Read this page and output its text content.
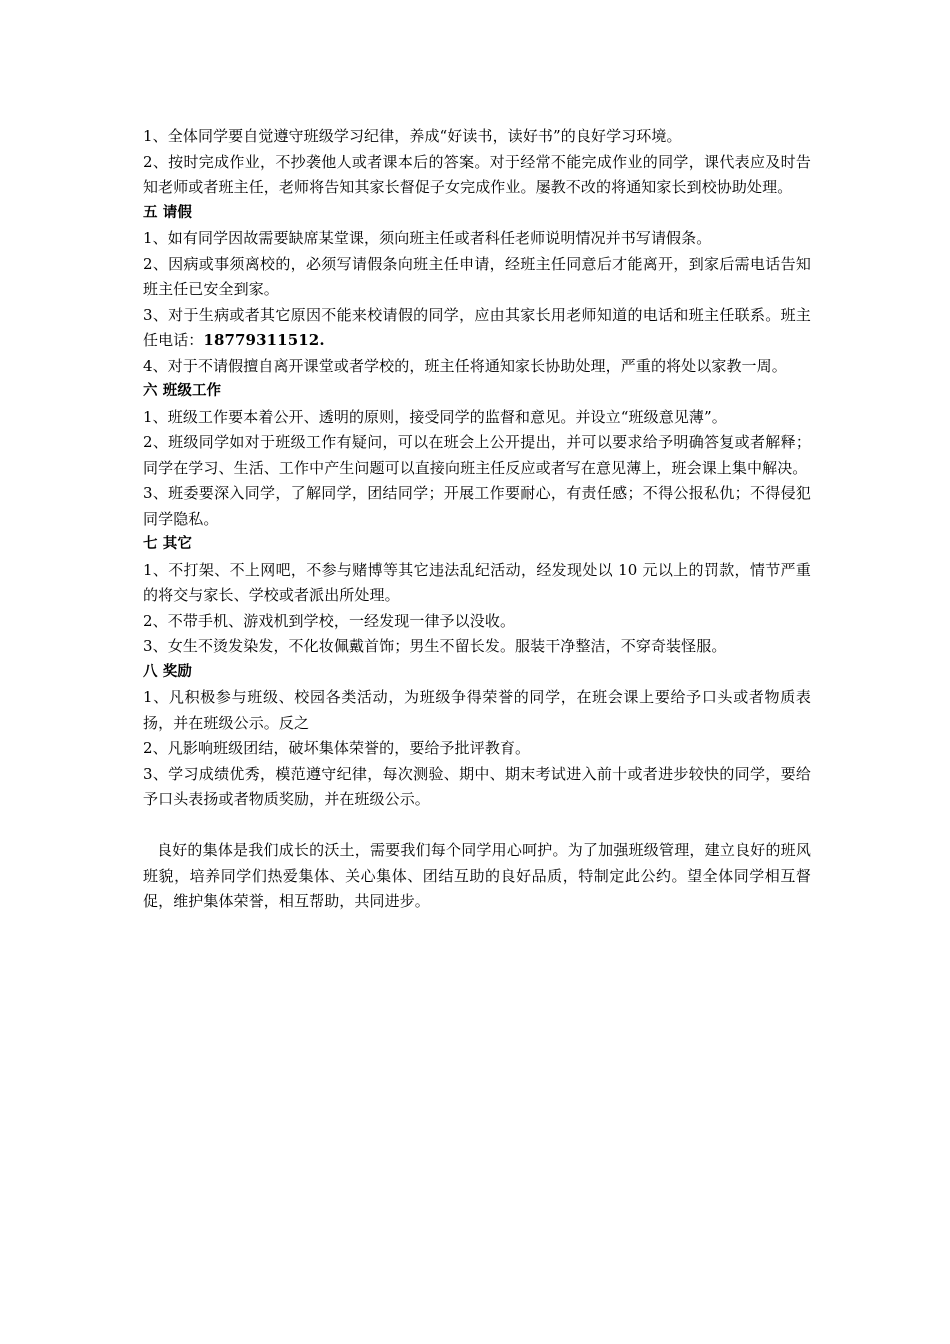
1、全体同学要自觉遵守班级学习纪律，养成“好读书，读好书”的良好学习环境。

2、按时完成作业，不抄袭他人或者课本后的答案。对于经常不能完成作业的同学，课代表应及时告知老师或者班主任，老师将告知其家长督促子女完成作业。屡教不改的将通知家长到校协助处理。

五 请假

1、如有同学因故需要缺席某堂课，须向班主任或者科任老师说明情况并书写请假条。

2、因病或事须离校的，必须写请假条向班主任申请，经班主任同意后才能离开，到家后需电话告知班主任已安全到家。

3、对于生病或者其它原因不能来校请假的同学，应由其家长用老师知道的电话和班主任联系。班主任电话：18779311512.

4、对于不请假擅自离开课堂或者学校的，班主任将通知家长协助处理，严重的将处以家教一周。

六 班级工作

1、班级工作要本着公开、透明的原则，接受同学的监督和意见。并设立“班级意见薄”。

2、班级同学如对于班级工作有疑问，可以在班会上公开提出，并可以要求给予明确答复或者解释；同学在学习、生活、工作中产生问题可以直接向班主任反应或者写在意见薄上，班会课上集中解决。

3、班委要深入同学，了解同学，团结同学；开展工作要耐心，有责任感；不得公报私仇；不得侵犯同学隐私。

七 其它

1、不打架、不上网吧，不参与赌博等其它违法乱纪活动，经发现处以 10 元以上的罚款，情节严重的将交与家长、学校或者派出所处理。

2、不带手机、游戏机到学校，一经发现一律予以没收。

3、女生不烫发染发，不化妆佩戴首饰；男生不留长发。服装干净整洁，不穿奇装怪服。

八 奖励

1、凡积极参与班级、校园各类活动，为班级争得荣誉的同学，在班会课上要给予口头或者物质表扬，并在班级公示。反之

2、凡影响班级团结，破坏集体荣誉的，要给予批评教育。

3、学习成绩优秀，模范遵守纪律，每次测验、期中、期末考试进入前十或者进步较快的同学，要给予口头表扬或者物质奖励，并在班级公示。

良好的集体是我们成长的沃土，需要我们每个同学用心呵护。为了加强班级管理，建立良好的班风班貌，培养同学们热爱集体、关心集体、团结互助的良好品质，特制定此公约。望全体同学相互督促，维护集体荣誉，相互帮助，共同进步。
